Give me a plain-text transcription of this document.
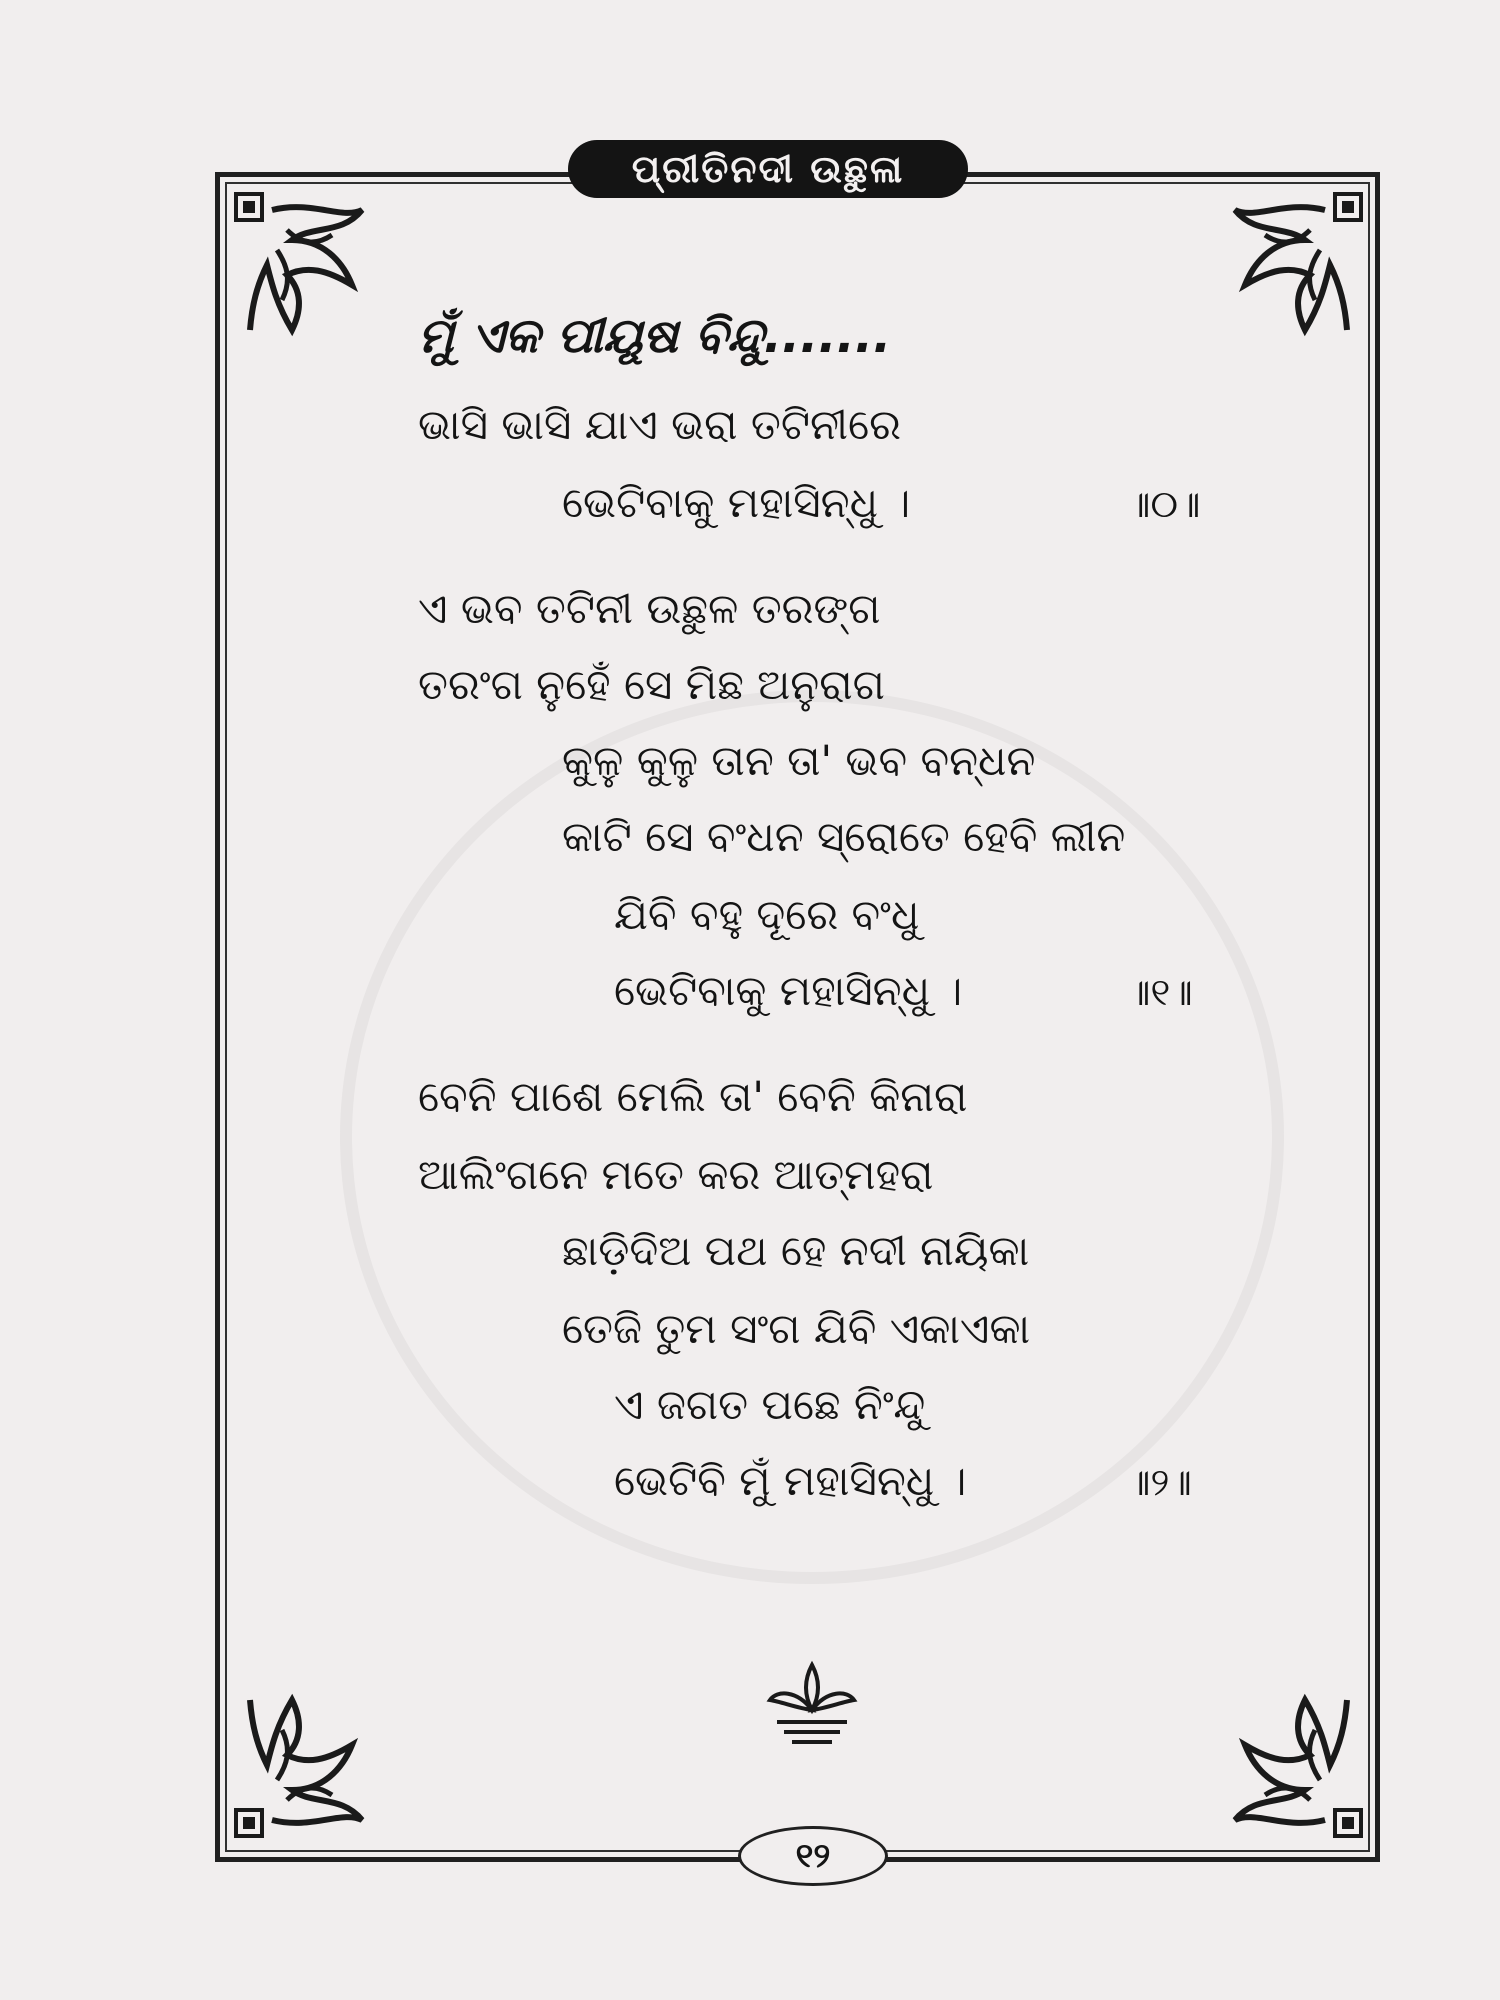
ପ୍ରୀତିନଦୀ ଉଛୁଳା
ମୁଁ ଏକ ପୀୟୂଷ ବିନ୍ଦୁ.......
ଭାସି ଭାସି ଯାଏ ଭରା ତଟିନୀରେ
ଭେଟିବାକୁ ମହାସିନ୍ଧୁ ।	॥୦॥
ଏ ଭବ ତଟିନୀ ଉଛୁଳ ତରଙ୍ଗ
ତରଂଗ ନୁହେଁ ସେ ମିଛ ଅନୁରାଗ
କୁଳୁ କୁଳୁ ତାନ ତା' ଭବ ବନ୍ଧନ
କାଟି ସେ ବଂଧନ ସ୍ରୋତେ ହେବି ଲୀନ
ଯିବି ବହୁ ଦୂରେ ବଂଧୁ
ଭେଟିବାକୁ ମହାସିନ୍ଧୁ ।	॥୧॥
ବେନି ପାଶେ ମେଲି ତା' ବେନି କିନାରା
ଆଲିଂଗନେ ମତେ କର ଆତ୍ମହରା
ଛାଡ଼ିଦିଅ ପଥ ହେ ନଦୀ ନାୟିକା
ତେଜି ତୁମ ସଂଗ ଯିବି ଏକାଏକା
ଏ ଜଗତ ପଛେ ନିଂନ୍ଦୁ
ଭେଟିବି ମୁଁ ମହାସିନ୍ଧୁ ।	॥୨॥
୧୨
